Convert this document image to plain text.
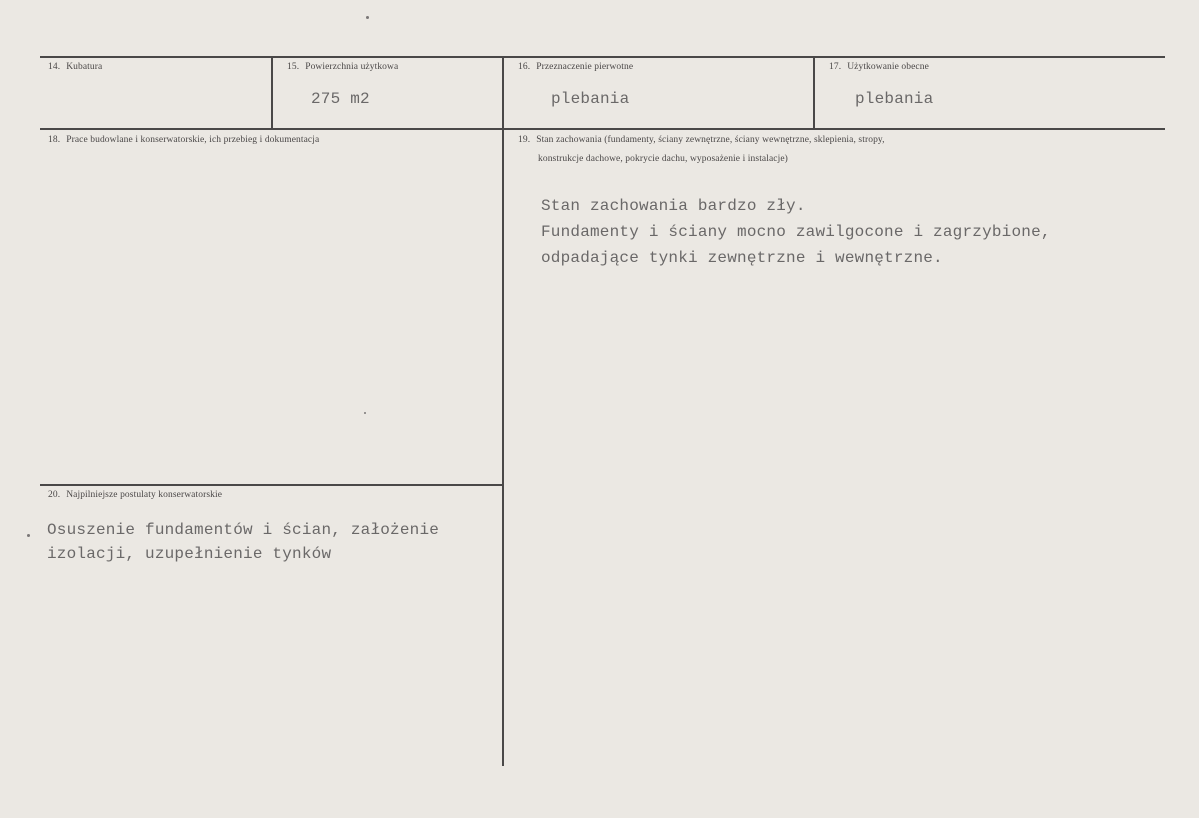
14. Kubatura	15. Powierzchnia użytkowa
275 m2
16. Przeznaczenie pierwotne
plebania
17. Użytkowanie obecne
plebania
18. Prace budowlane i konserwatorskie, ich przebieg i dokumentacja	19. Stan zachowania (fundamenty, ściany zewnętrzne, ściany wewnętrzne, sklepienia, stropy,
konstrukcje dachowe, pokrycie dachu, wyposażenie i instalacje)
Stan zachowania bardzo zły.
Fundamenty i ściany mocno zawilgocone i zagrzybione,
odpadające tynki zewnętrzne i wewnętrzne.
20. Najpilniejsze postulaty konserwatorskie
Osuszenie fundamentów i ścian, założenie
izolacji, uzupełnienie tynków
